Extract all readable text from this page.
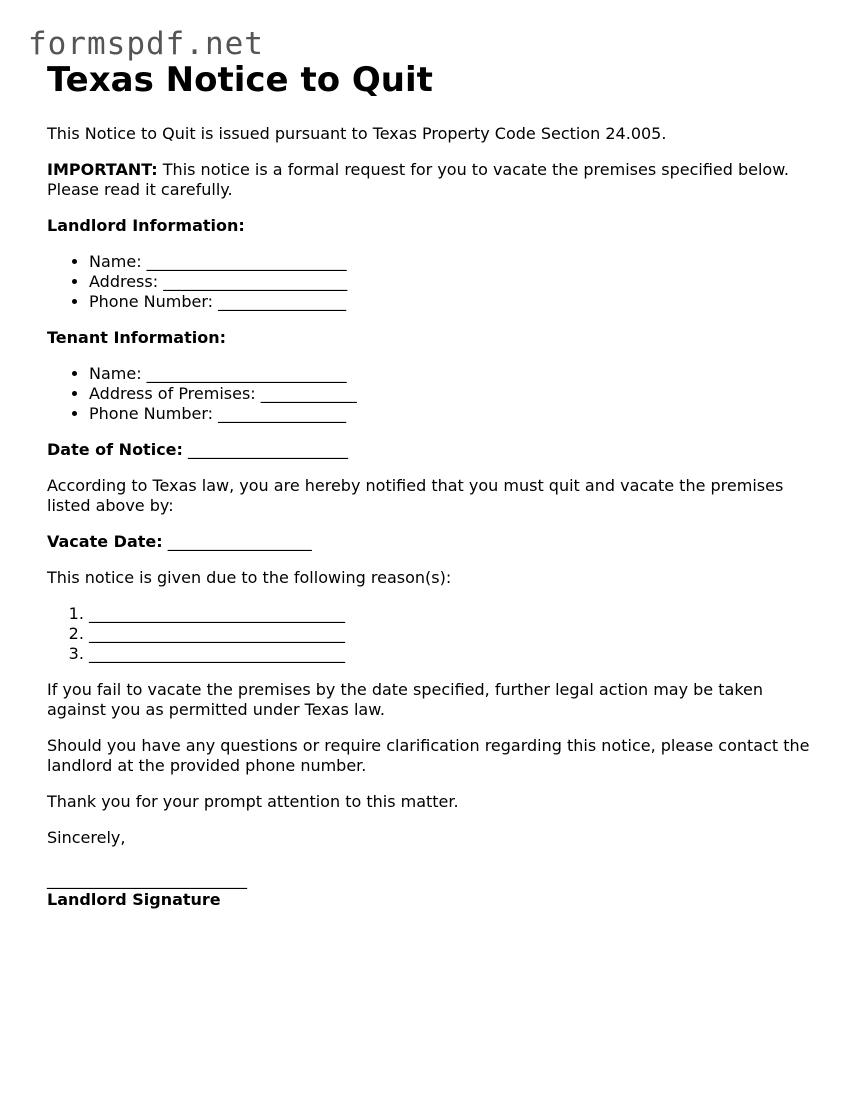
formspdf.net
Texas Notice to Quit

This Notice to Quit is issued pursuant to Texas Property Code Section 24.005.

IMPORTANT: This notice is a formal request for you to vacate the premises specified below. Please read it carefully.

Landlord Information:
• Name: _________________________
• Address: _______________________
• Phone Number: ________________
Tenant Information:
• Name: _________________________
• Address of Premises: ____________
• Phone Number: ________________

Date of Notice: ____________________

According to Texas law, you are hereby notified that you must quit and vacate the premises listed above by:

Vacate Date: __________________

This notice is given due to the following reason(s):

1. ________________________________
2. ________________________________
3. ________________________________

If you fail to vacate the premises by the date specified, further legal action may be taken against you as permitted under Texas law.

Should you have any questions or require clarification regarding this notice, please contact the landlord at the provided phone number.

Thank you for your prompt attention to this matter.

Sincerely,

_________________________
Landlord Signature
